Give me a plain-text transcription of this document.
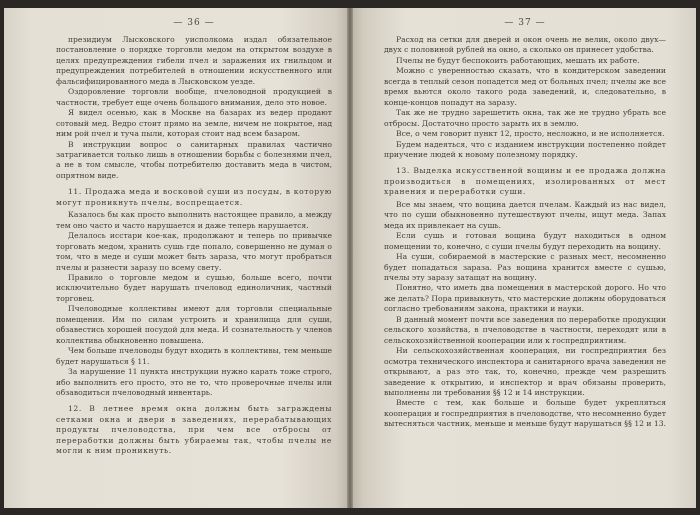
— 36 —

президиум Лысковского уисполкома издал обязательное постановление о порядке торговли медом на открытом воздухе в целях предупреждения гибели пчел и заражения их гнильцом и предупреждения потребителей в отношении искусственного или фальсифицированного меда в Лысковском уезде.

Оздоровление торговли вообще, пчеловодной продукцией в частности, требует еще очень большого внимания, дело это новое.

Я видел осенью, как в Москве на базарах из ведер продают сотовый мед. Ведро стоит прямо на земле, ничем не покрытое, над ним рой пчел и туча пыли, которая стоит над всем базаром.

В инструкции вопрос о санитарных правилах частично затрагивается только лишь в отношении борьбы с болезнями пчел, а не в том смысле, чтобы потребителю доставить меда в чистом, опрятном виде.

11. Продажа меда и восковой суши из посуды, в которую могут проникнуть пчелы, воспрещается.

Казалось бы как просто выполнить настоящее правило, а между тем оно часто и часто нарушается и даже теперь нарушается.

Делалось исстари кое-как, продолжают и теперь по привычке торговать медом, хранить сушь где попало, совершенно не думая о том, что в меде и суши может быть зараза, что могут пробраться пчелы и разнести заразу по всему свету.

Правило о торговле медом и сушью, больше всего, почти исключительно будет нарушать пчеловод единоличник, частный торговец.

Пчеловодные коллективы имеют для торговли специальные помещения. Им по силам устроить и хранилища для суши, обзавестись хорошей посудой для меда. И сознательность у членов коллектива обыкновенно повышена.

Чем больше пчеловоды будут входить в коллективы, тем меньше будет нарушаться § 11.

За нарушение 11 пункта инструкции нужно карать тоже строго, ибо выполнить его просто, это не то, что проверочные пчелы или обзаводиться пчеловодный инвентарь.

12. В летнее время окна должны быть заграждены сетками окна и двери в заведениях, перерабатывающих продукты пчеловодства, при чем все отбросы от переработки должны быть убираемы так, чтобы пчелы не могли к ним проникнуть.

— 37 —

Расход на сетки для дверей и окон очень не велик, около двух—двух с половиной рублей на окно, а сколько он принесет удобства.

Пчелы не будут беспокоить работающих, мешать их работе.

Можно с уверенностью сказать, что в кондитерском заведении всегда в теплый сезон попадется мед от больных пчел; пчелы же все время вьются около такого рода заведений, и, следовательно, в конце-концов попадут на заразу.

Так же не трудно зарешетить окна, так же не трудно убрать все отбросы. Достаточно просто зарыть их в землю.

Все, о чем говорит пункт 12, просто, несложно, и не исполняется.

Будем надеяться, что с изданием инструкции постепенно пойдет приучение людей к новому полезному порядку.

13. Выделка искусственной вощины и ее продажа должна производиться в помещениях, изолированных от мест хранения и переработки суши.

Все мы знаем, что вощина дается пчелам. Каждый из нас видел, что по суши обыкновенно путешествуют пчелы, ищут меда. Запах меда их привлекает на сушь.

Если сушь и готовая вощина будут находиться в одном помещении то, конечно, с суши пчелы будут переходить на вощину.

На суши, собираемой в мастерские с разных мест, несомненно будет попадаться зараза. Раз вощина хранится вместе с сушью, пчелы эту заразу затащат на вощину.

Понятно, что иметь два помещения в мастерской дорого. Но что же делать? Пора привыкнуть, что мастерские должны оборудоваться согласно требованиям закона, практики и науки.

В данный момент почти все заведения по переработке продукции сельского хозяйства, в пчеловодстве в частности, переходят или в сельскохозяйственной кооперации или к госпредприятиям.

Ни сельскохозяйственная кооперация, ни госпредприятия без осмотра технического инспектора и санитарного врача заведения не открывают, а раз это так, то, конечно, прежде чем разрешить заведение к открытию, и инспектор и врач обязаны проверить, выполнены ли требования §§ 12 и 14 инструкции.

Вместе с тем, как больше и больше будет укрепляться кооперация и госпредприятия в пчеловодстве, что несомненно будет вытесняться частник, меньше и меньше будут нарушаться §§ 12 и 13.
